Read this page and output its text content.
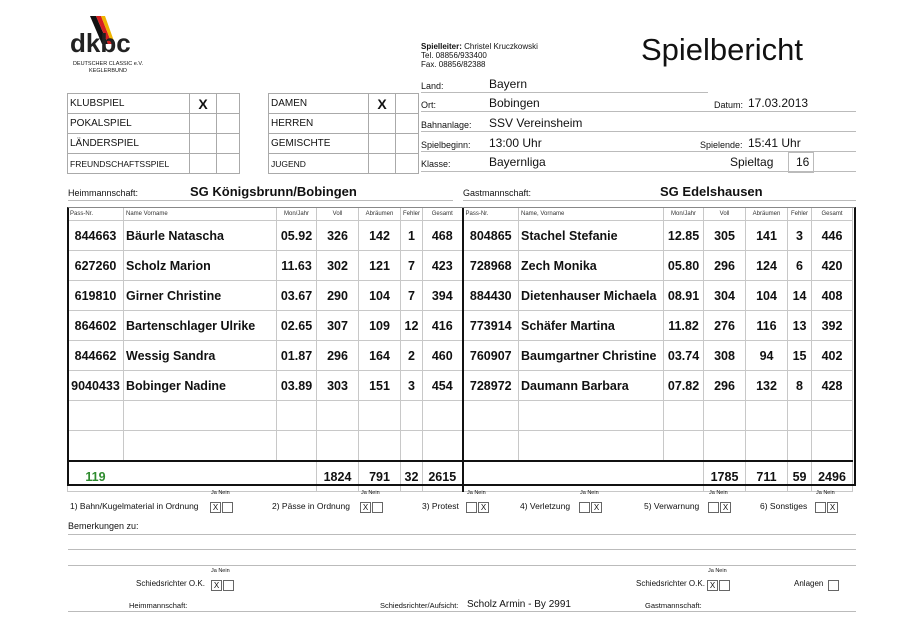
dkbc
DEUTSCHER CLASSIC e.V.
KEGLERBUND
Spielleiter: Christel Kruczkowski
Tel. 08856/933400
Fax. 08856/82388	Spielbericht
KLUBSPIEL	X	
POKALSPIEL		
LÄNDERSPIEL		
FREUNDSCHAFTSSPIEL		
DAMEN	X	
HERREN		
GEMISCHTE		
JUGEND		
Land:	Bayern
Ort:	Bobingen	Datum: 17.03.2013
Bahnanlage: SSV Vereinsheim
Spielbeginn: 13:00 Uhr	Spielende: 15:41 Uhr
Klasse:	Bayernliga	Spieltag 16
Heimmannschaft:	SG Königsbrunn/Bobingen	Gastmannschaft:	SG Edelshausen
Pass-Nr.	Name Vorname	Mon/Jahr	Voll	Abräumen	Fehler	Gesamt	Pass-Nr.	Name, Vorname	Mon/Jahr	Voll	Abräumen	Fehler	Gesamt
844663	Bäurle Natascha	05.92	326	142	1	468	804865	Stachel Stefanie	12.85	305	141	3	446
627260	Scholz Marion	11.63	302	121	7	423	728968	Zech Monika	05.80	296	124	6	420
619810	Girner Christine	03.67	290	104	7	394	884430	Dietenhauser Michaela	08.91	304	104	14	408
864602	Bartenschlager Ulrike	02.65	307	109	12	416	773914	Schäfer Martina	11.82	276	116	13	392
844662	Wessig Sandra	01.87	296	164	2	460	760907	Baumgartner Christine	03.74	308	94	15	402
9040433	Bobinger Nadine	03.89	303	151	3	454	728972	Daumann Barbara	07.82	296	132	8	428

119			1824	791	32	2615				1785	711	59	2496
1) Bahn/Kugelmaterial in Ordnung
Ja Nein
X	2) Pässe in Ordnung
Ja Nein
X	3) Protest
Ja Nein
X	4) Verletzung
Ja Nein
X	5) Verwarnung
Ja Nein
X	6) Sonstiges
Ja Nein
X
Bemerkungen zu:
Ja Nein
Schiedsrichter O.K.	X
Ja Nein
Schiedsrichter O.K. X	Anlagen
Heimmannschaft:	Schiedsrichter/Aufsicht: Scholz Armin - By 2991	Gastmannschaft:
